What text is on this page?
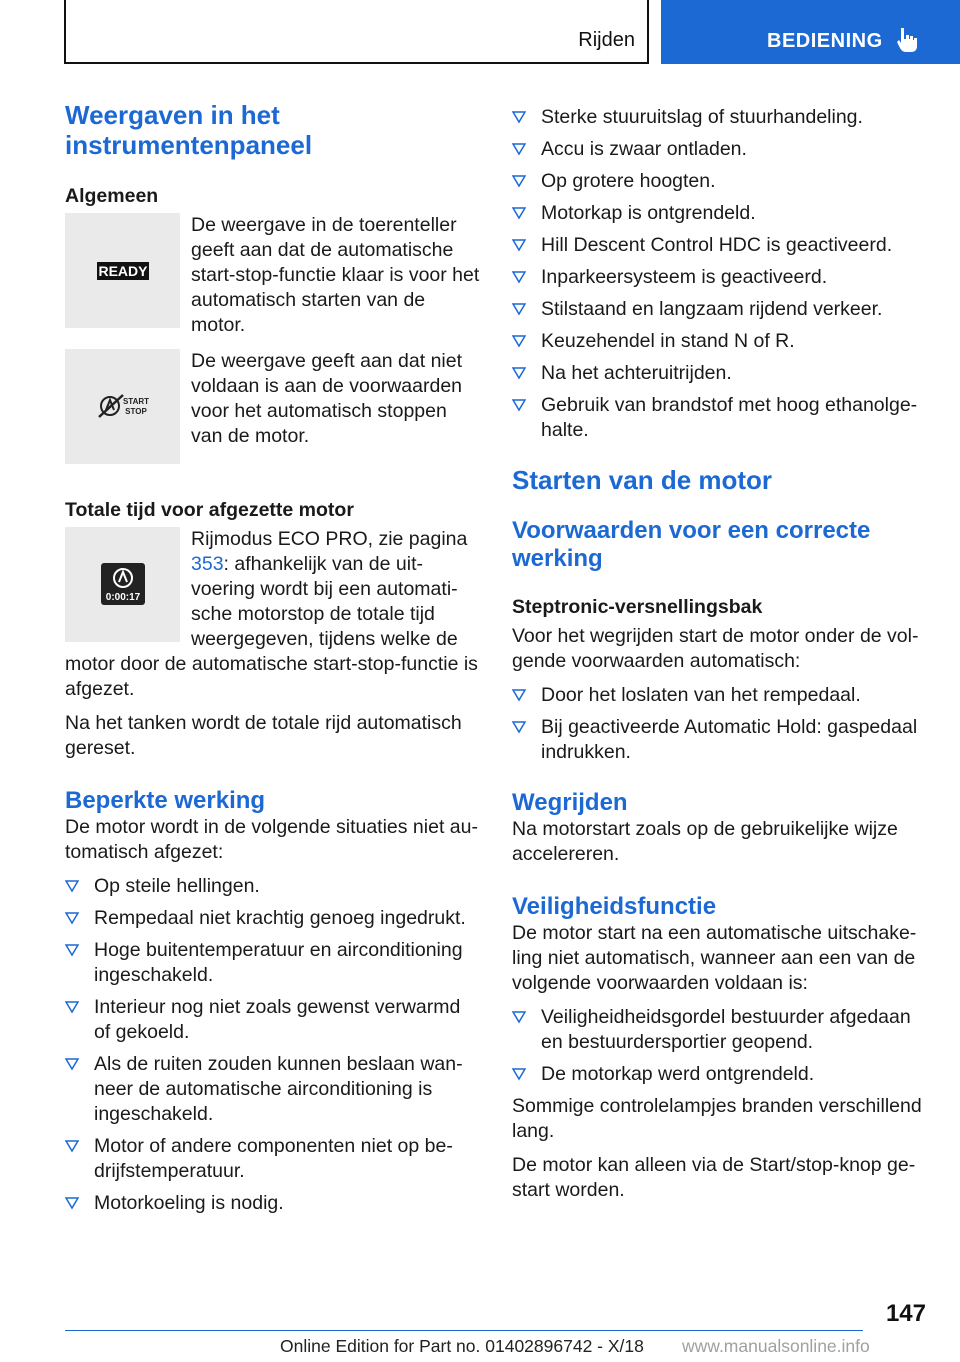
Rijden	BEDIENING
Weergaven in het instrumentenpaneel
Algemeen
READY

De weergave in de toerenteller geeft aan dat de automatische start-stop-functie klaar is voor het automatisch starten van de motor.

START
STOP

De weergave geeft aan dat niet voldaan is aan de voorwaarden voor het automatisch stoppen van de motor.

Totale tijd voor afgezette motor
0:00:17

Rijmodus ECO PRO, zie pagina 353: afhankelijk van de uitvoering wordt bij een automatische motorstop de totale tijd weergegeven, tijdens welke de motor door de automatische start-stop-functie is afgezet.

Na het tanken wordt de totale rijd automatisch gereset.

Beperkte werking

De motor wordt in de volgende situaties niet automatisch afgezet:

Op steile hellingen.
Rempedaal niet krachtig genoeg ingedrukt.
Hoge buitentemperatuur en airconditioning ingeschakeld.
Interieur nog niet zoals gewenst verwarmd of gekoeld.
Als de ruiten zouden kunnen beslaan wanneer de automatische airconditioning is ingeschakeld.
Motor of andere componenten niet op bedrijfstemperatuur.
Motorkoeling is nodig.
Sterke stuuruitslag of stuurhandeling.
Accu is zwaar ontladen.
Op grotere hoogten.
Motorkap is ontgrendeld.
Hill Descent Control HDC is geactiveerd.
Inparkeersysteem is geactiveerd.
Stilstaand en langzaam rijdend verkeer.
Keuzehendel in stand N of R.
Na het achteruitrijden.
Gebruik van brandstof met hoog ethanolgehalte.
Starten van de motor
Voorwaarden voor een correcte werking
Steptronic-versnellingsbak

Voor het wegrijden start de motor onder de volgende voorwaarden automatisch:

Door het loslaten van het rempedaal.
Bij geactiveerde Automatic Hold: gaspedaal indrukken.
Wegrijden

Na motorstart zoals op de gebruikelijke wijze accelereren.

Veiligheidsfunctie

De motor start na een automatische uitschakeling niet automatisch, wanneer aan een van de volgende voorwaarden voldaan is:

Veiligheidheidsgordel bestuurder afgedaan en bestuurdersportier geopend.
De motorkap werd ontgrendeld.

Sommige controlelampjes branden verschillend lang.

De motor kan alleen via de Start/stop-knop gestart worden.

147
Online Edition for Part no. 01402896742 - X/18 www.manualsonline.info
